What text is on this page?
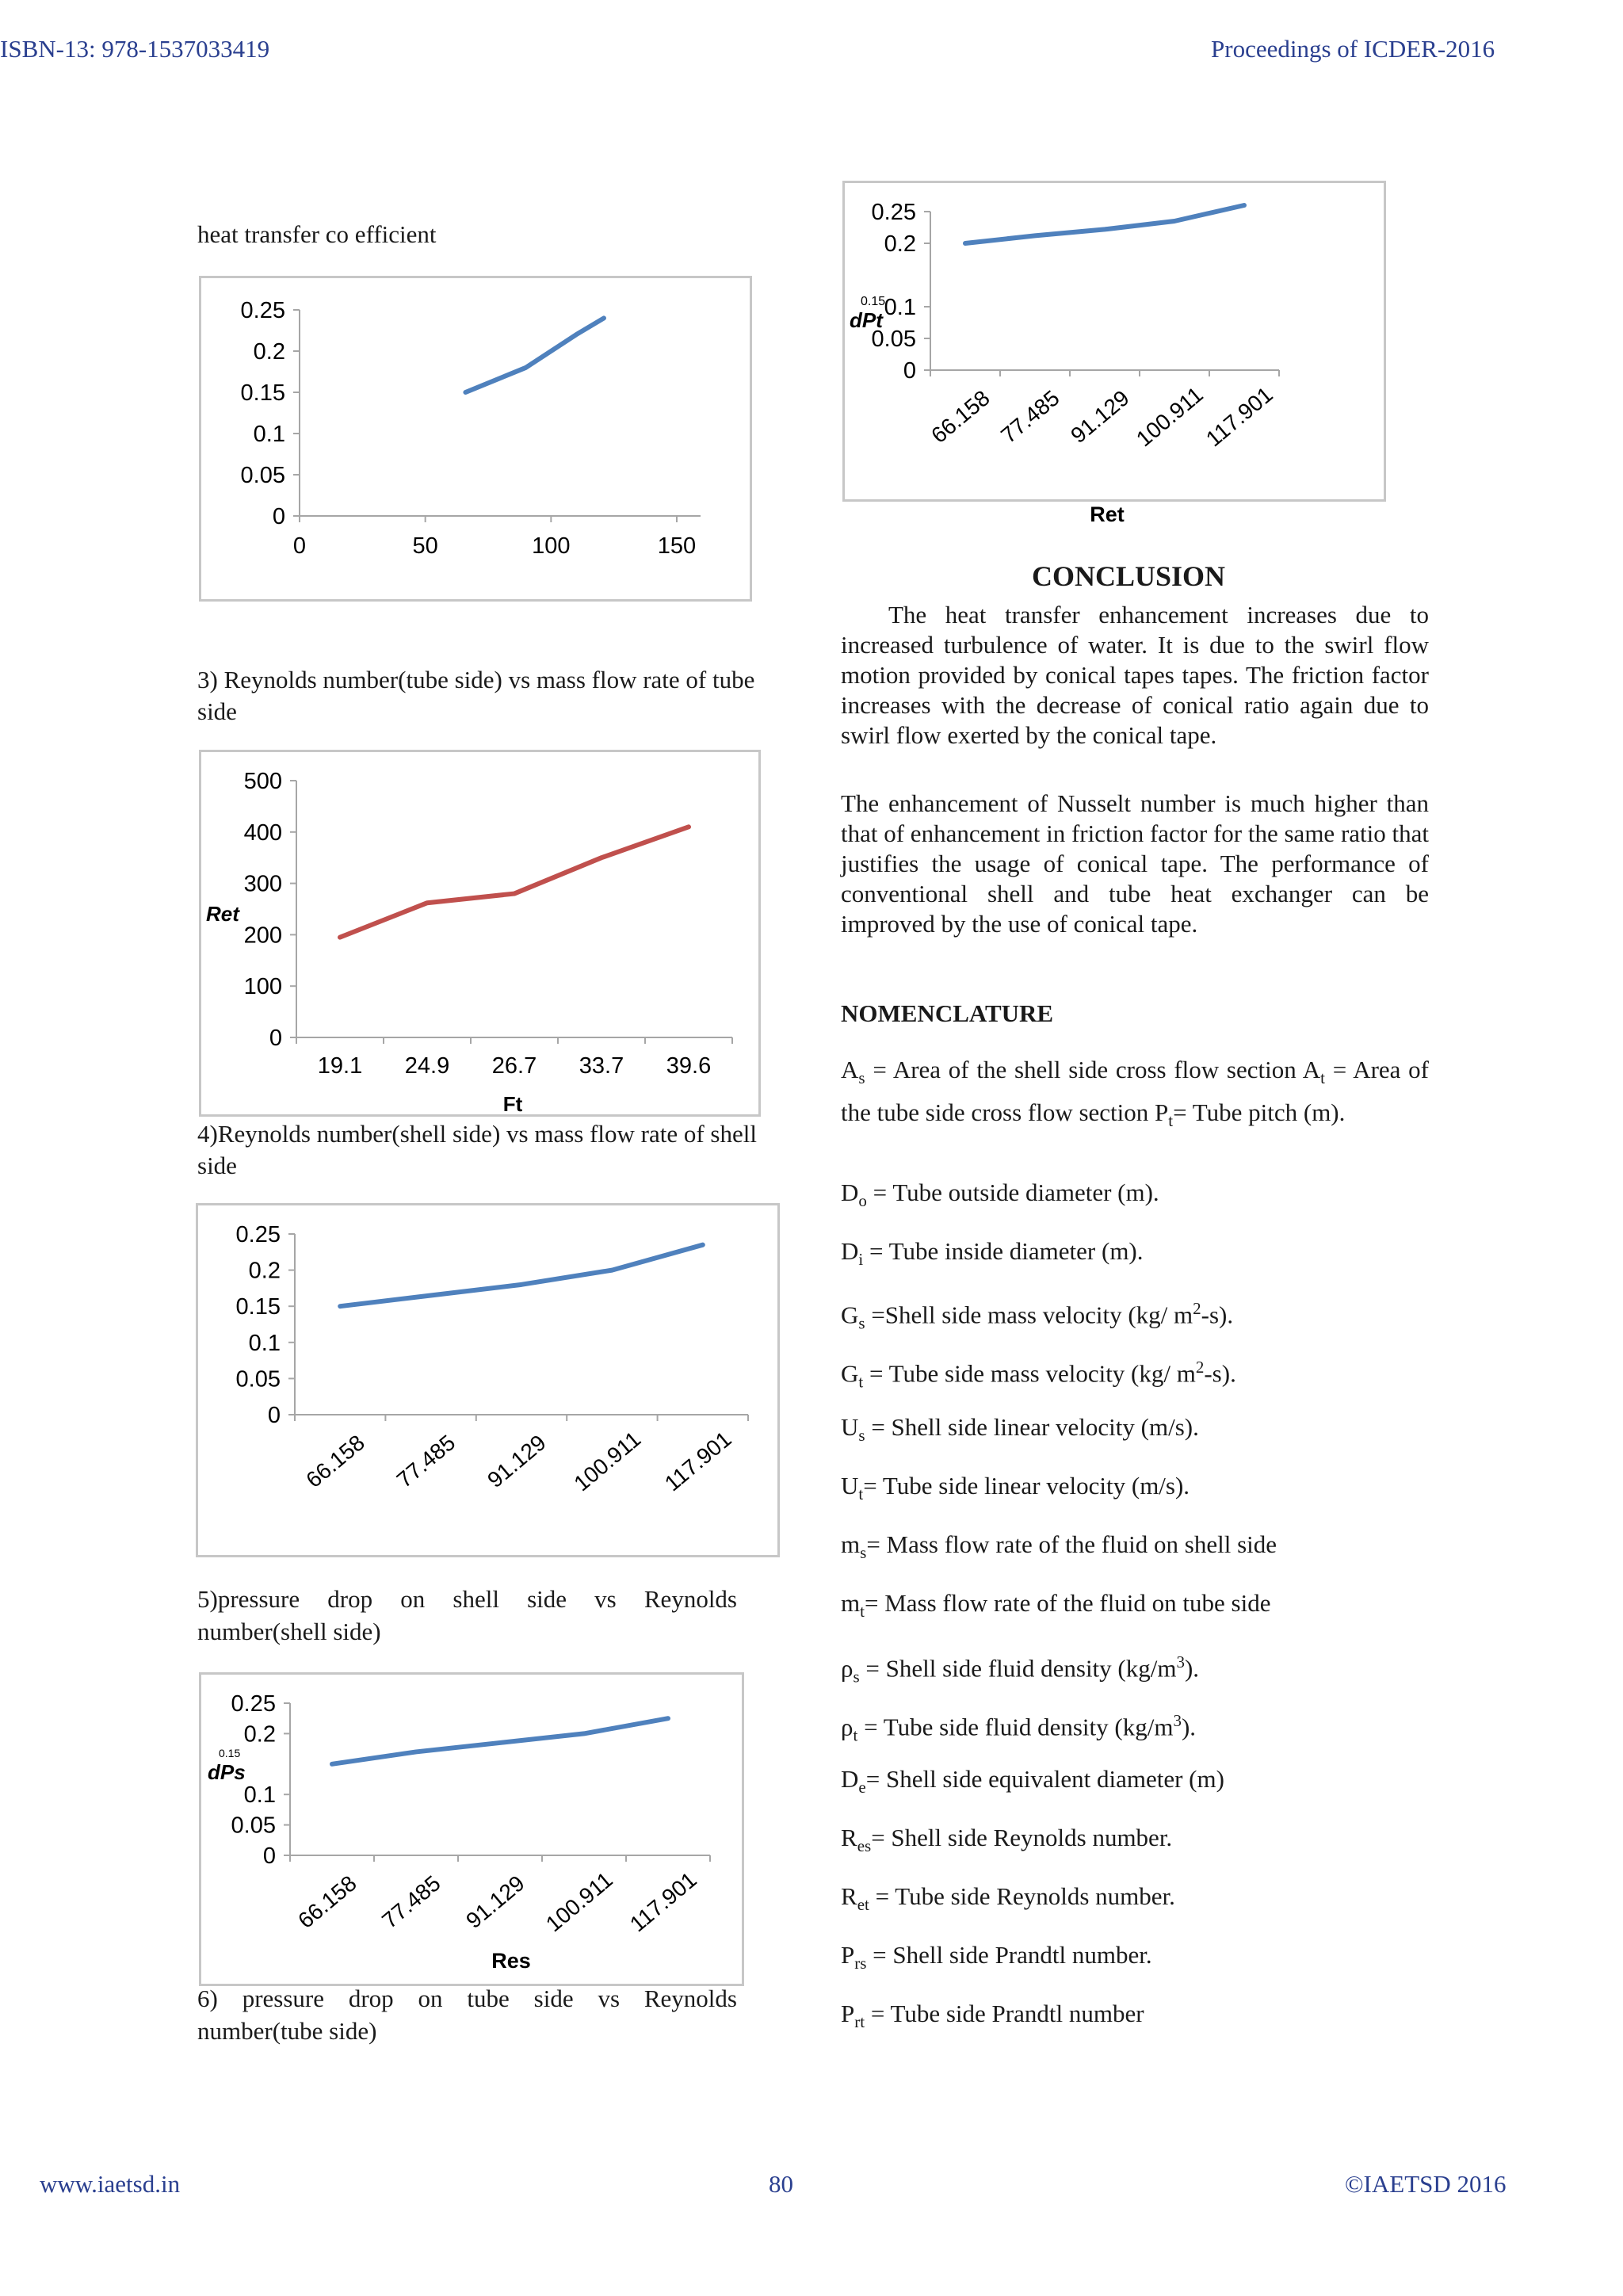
ISBN-13: 978-1537033419	Proceedings of ICDER-2016
heat transfer co efficient
0
0.05
0.1
0.15
0.2
0.25
0	50	100	150
3) Reynolds number(tube side) vs mass flow rate of tube side
0
100
200
300
400
500
19.1 24.9 26.7 33.7 39.6
Ft
Ret
4)Reynolds number(shell side) vs mass flow rate of shell side
0
0.05
0.1
0.15
0.2
0.25
66.158 77.485 91.129 100.911 117.901
5)pressure drop on shell side vs Reynolds
number(shell side)
0
0.05
0.1
0.2
0.25
66.158 77.485 91.129 100.911 117.901
0.15
dPs
Res
6) pressure drop on tube side vs Reynolds
number(tube side)
0
0.05
0.1
0.2
0.25
66.158 77.485 91.129
100.911
117.901
0.15
dPt
Ret
CONCLUSION
The heat transfer enhancement increases due to increased turbulence of water. It is due to the swirl flow motion provided by conical tapes tapes. The friction factor increases with the decrease of conical ratio again due to swirl flow exerted by the conical tape.
The enhancement of Nusselt number is much higher than that of enhancement in friction factor for the same ratio that justifies the usage of conical tape. The performance of conventional shell and tube heat exchanger can be improved by the use of conical tape.
NOMENCLATURE
$A_s$ = Area of the shell side cross flow section $A_t$ = Area of the tube side cross flow section $P_t=$ Tube pitch (m).
$D_o$ = Tube outside diameter (m).
$D_i$ = Tube inside diameter (m).
$G_s$ =Shell side mass velocity (kg/ $m^2-s$).
$G_t$ = Tube side mass velocity (kg/ $m^2-s$).
$U_s$ = Shell side linear velocity (m/s).
$U_t=$ Tube side linear velocity (m/s).
$m_s=$ Mass flow rate of the fluid on shell side
$m_t=$ Mass flow rate of the fluid on tube side
$\rho_s$ = Shell side fluid density $(kg/m^3)$.
$\rho_t$ = Tube side fluid density $(kg/m^3)$.
$D_e=$ Shell side equivalent diameter (m)
$R_{es}=$ Shell side Reynolds number.
$R_{et}$ = Tube side Reynolds number.
$P_{rs}$ = Shell side Prandtl number.
$P_{rt}$ = Tube side Prandtl number
www.iaetsd.in	80	©IAETSD 2016
